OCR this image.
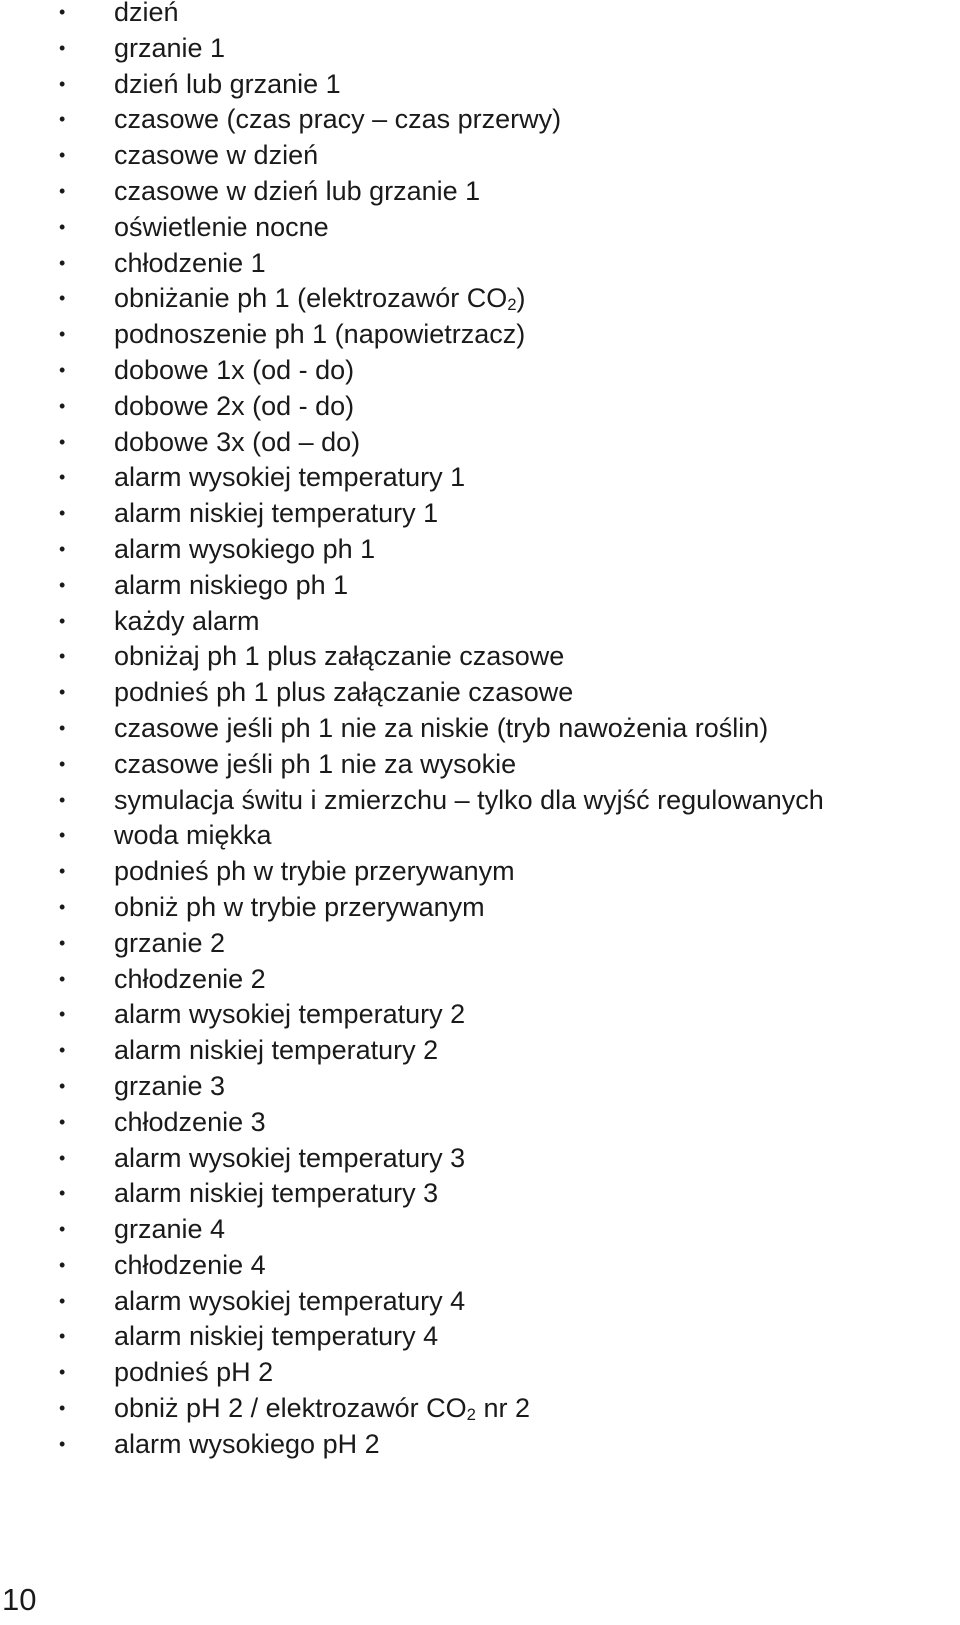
• dzień
• grzanie 1
• dzień lub grzanie 1
• czasowe (czas pracy – czas przerwy)
• czasowe w dzień
• czasowe w dzień lub grzanie 1
• oświetlenie nocne
• chłodzenie 1
• obniżanie ph 1 (elektrozawór $CO_2$)
• podnoszenie ph 1 (napowietrzacz)
• dobowe 1x (od - do)
• dobowe 2x (od - do)
• dobowe 3x (od – do)
• alarm wysokiej temperatury 1
• alarm niskiej temperatury 1
• alarm wysokiego ph 1
• alarm niskiego ph 1
• każdy alarm
• obniżaj ph 1 plus załączanie czasowe
• podnieś ph 1 plus załączanie czasowe
• czasowe jeśli ph 1 nie za niskie (tryb nawożenia roślin)
• czasowe jeśli ph 1 nie za wysokie
• symulacja świtu i zmierzchu – tylko dla wyjść regulowanych
• woda miękka
• podnieś ph w trybie przerywanym
• obniż ph w trybie przerywanym
• grzanie 2
• chłodzenie 2
• alarm wysokiej temperatury 2
• alarm niskiej temperatury 2
• grzanie 3
• chłodzenie 3
• alarm wysokiej temperatury 3
• alarm niskiej temperatury 3
• grzanie 4
• chłodzenie 4
• alarm wysokiej temperatury 4
• alarm niskiej temperatury 4
• podnieś pH 2
• obniż pH 2 / elektrozawór $CO_2$ nr 2
• alarm wysokiego pH 2
10
